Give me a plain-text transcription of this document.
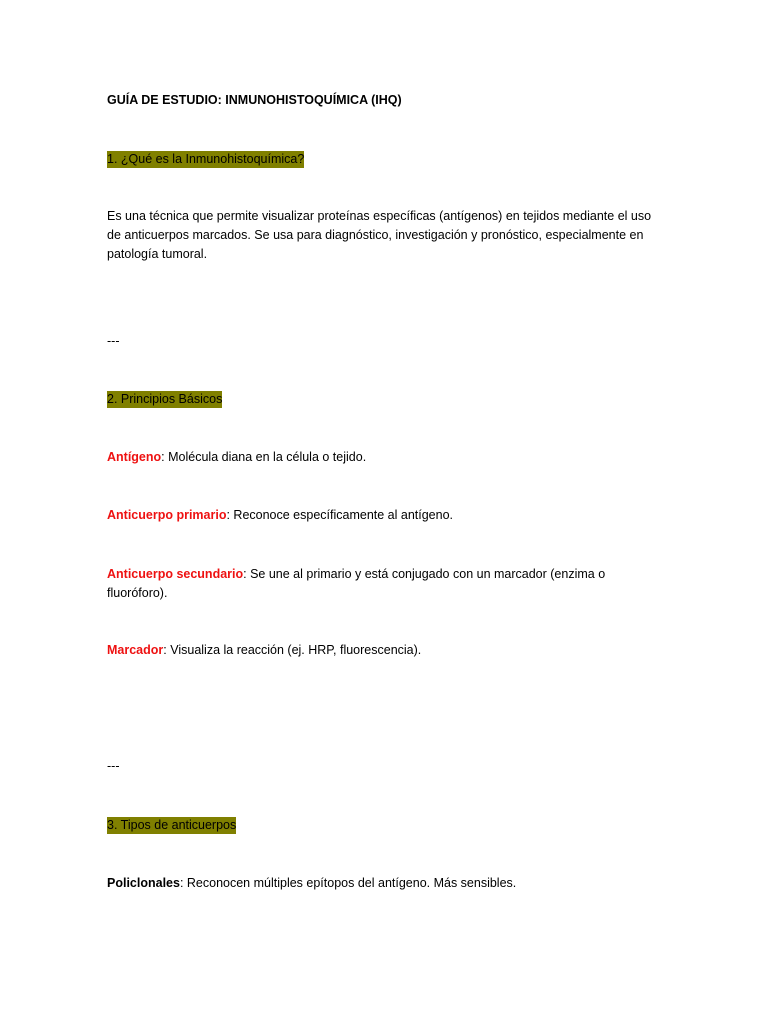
GUÍA DE ESTUDIO: INMUNOHISTOQUÍMICA (IHQ)

1. ¿Qué es la Inmunohistoquímica?

Es una técnica que permite visualizar proteínas específicas (antígenos) en tejidos mediante el uso

de anticuerpos marcados. Se usa para diagnóstico, investigación y pronóstico, especialmente en

patología tumoral.

---

2. Principios Básicos

Antígeno: Molécula diana en la célula o tejido.

Anticuerpo primario: Reconoce específicamente al antígeno.

Anticuerpo secundario: Se une al primario y está conjugado con un marcador (enzima o

fluoróforo).

Marcador: Visualiza la reacción (ej. HRP, fluorescencia).

---

3. Tipos de anticuerpos

Policlonales: Reconocen múltiples epítopos del antígeno. Más sensibles.
